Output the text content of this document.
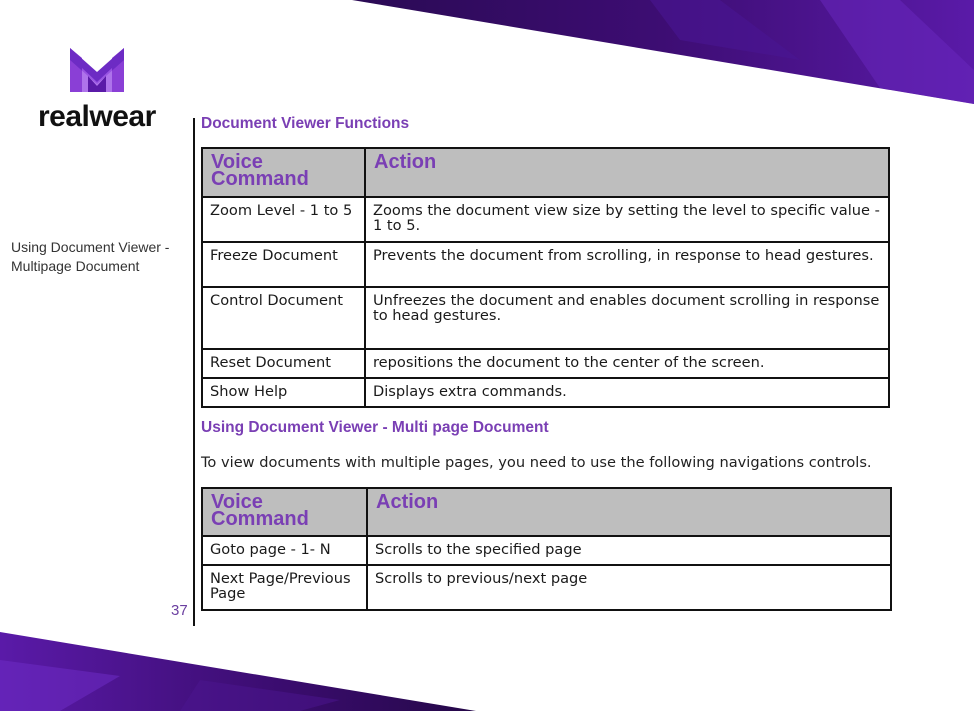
realwear
Using Document Viewer - Multipage Document
37
Document Viewer Functions
Voice Command	Action
Zoom Level - 1 to 5	Zooms the document view size by setting the level to specific value - 1 to 5.
Freeze Document	Prevents the document from scrolling, in response to head gestures.
Control Document	Unfreezes the document and enables document scrolling in response to head gestures.
Reset Document	repositions the document to the center of the screen.
Show Help	Displays extra commands.
Using Document Viewer - Multi page Document
To view documents with multiple pages, you need to use the following navigations controls.
Voice Command	Action
Goto page - 1- N	Scrolls to the specified page
Next Page/Previous Page	Scrolls to previous/next page
